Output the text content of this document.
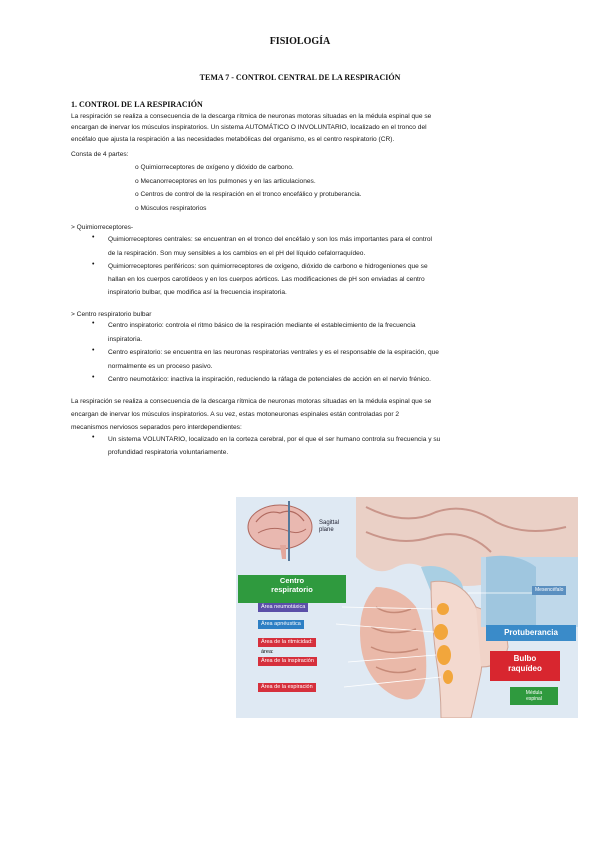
FISIOLOGÍA
TEMA 7 - CONTROL CENTRAL DE LA RESPIRACIÓN
1. CONTROL DE LA RESPIRACIÓN
La respiración se realiza a consecuencia de la descarga rítmica de neuronas motoras situadas en la médula espinal que se
encargan de inervar los músculos inspiratorios. Un sistema AUTOMÁTICO O INVOLUNTARIO, localizado en el tronco del
encéfalo que ajusta la respiración a las necesidades metabólicas del organismo, es el centro respiratorio (CR).
Consta de 4 partes:
o Quimiorreceptores de oxígeno y dióxido de carbono.
o Mecanorreceptores en los pulmones y en las articulaciones.
o Centros de control de la respiración en el tronco encefálico y protuberancia.
o Músculos respiratorios
> Quimiorreceptores-
• Quimiorreceptores centrales: se encuentran en el tronco del encéfalo y son los más importantes para el control
de la respiración. Son muy sensibles a los cambios en el pH del líquido cefalorraquídeo.
• Quimiorreceptores periféricos: son quimiorreceptores de oxígeno, dióxido de carbono e hidrogeniones que se
hallan en los cuerpos carotídeos y en los cuerpos aórticos. Las modificaciones de pH son enviadas al centro
inspiratorio bulbar, que modifica así la frecuencia inspiratoria.
> Centro respiratorio bulbar
• Centro inspiratorio: controla el ritmo básico de la respiración mediante el establecimiento de la frecuencia
inspiratoria.
• Centro espiratorio: se encuentra en las neuronas respiratorias ventrales y es el responsable de la espiración, que
normalmente es un proceso pasivo.
• Centro neumotáxico: inactiva la inspiración, reduciendo la ráfaga de potenciales de acción en el nervio frénico.
La respiración se realiza a consecuencia de la descarga rítmica de neuronas motoras situadas en la médula espinal que se
encargan de inervar los músculos inspiratorios. A su vez, estas motoneuronas espinales están controladas por 2
mecanismos nerviosos separados pero interdependientes:
• Un sistema VOLUNTARIO, localizado en la corteza cerebral, por el que el ser humano controla su frecuencia y su
profundidad respiratoria voluntariamente.
Sagittal
plane
Centro
respiratorio
Área neumotáxica
Área apnéustica
Área de la ritmicidad:
área:
Área de la inspiración
Área de la espiración
Mesencéfalo
Protuberancia
Bulbo
raquídeo
Médula
espinal
